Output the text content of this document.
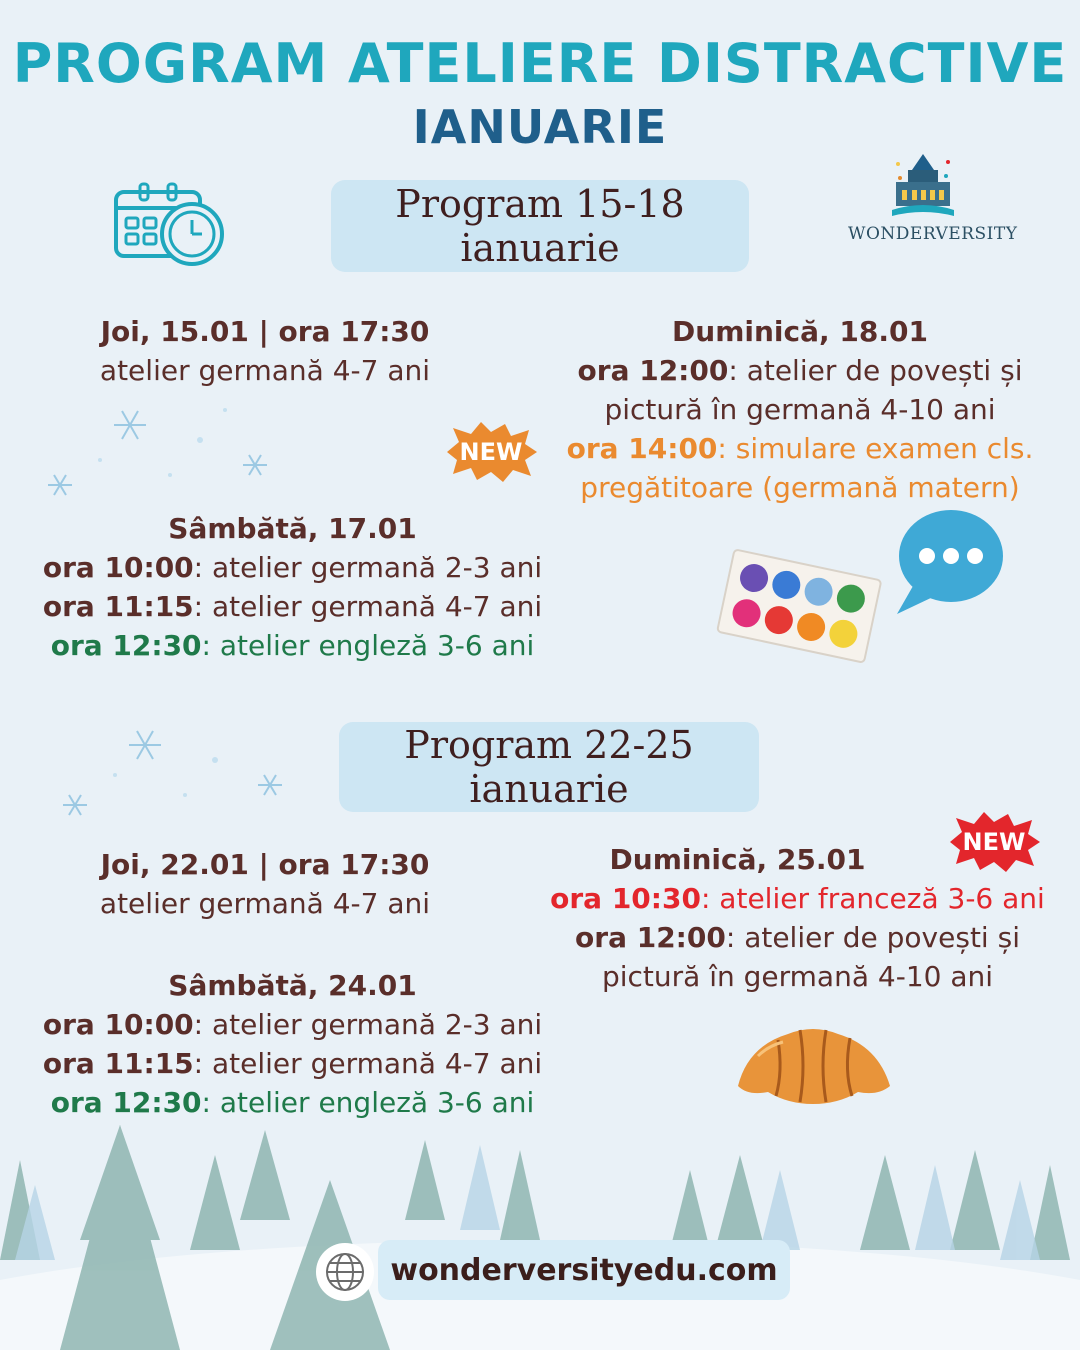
PROGRAM ATELIERE DISTRACTIVE
IANUARIE
Program 15-18 ianuarie	WONDERVERSITY
Joi, 15.01 | ora 17:30
atelier germană 4-7 ani
Sâmbătă, 17.01
ora 10:00: atelier germană 2-3 ani
ora 11:15: atelier germană 4-7 ani
ora 12:30: atelier engleză 3-6 ani
Duminică, 18.01
ora 12:00: atelier de povești și
pictură în germană 4-10 ani
ora 14:00: simulare examen cls.
pregătitoare (germană matern)
NEW
Program 22-25 ianuarie
Joi, 22.01 | ora 17:30
atelier germană 4-7 ani
Sâmbătă, 24.01
ora 10:00: atelier germană 2-3 ani
ora 11:15: atelier germană 4-7 ani
ora 12:30: atelier engleză 3-6 ani
Duminică, 25.01
ora 10:30: atelier franceză 3-6 ani
ora 12:00: atelier de povești și
pictură în germană 4-10 ani
NEW
wonderversityedu.com
